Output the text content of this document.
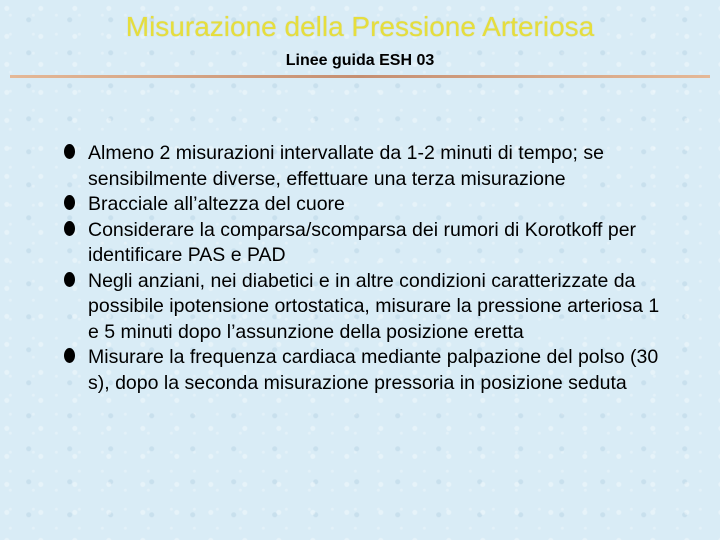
Misurazione della Pressione Arteriosa
Linee guida ESH 03
Almeno 2 misurazioni intervallate da 1-2 minuti di tempo; se sensibilmente diverse, effettuare una terza misurazione
Bracciale all’altezza del cuore
Considerare la comparsa/scomparsa dei rumori di Korotkoff per identificare PAS e PAD
Negli anziani, nei diabetici e in altre condizioni caratterizzate da possibile ipotensione ortostatica, misurare la pressione arteriosa 1 e 5 minuti dopo l’assunzione della posizione eretta
Misurare la frequenza cardiaca mediante palpazione del polso (30 s), dopo la seconda misurazione pressoria in posizione seduta
